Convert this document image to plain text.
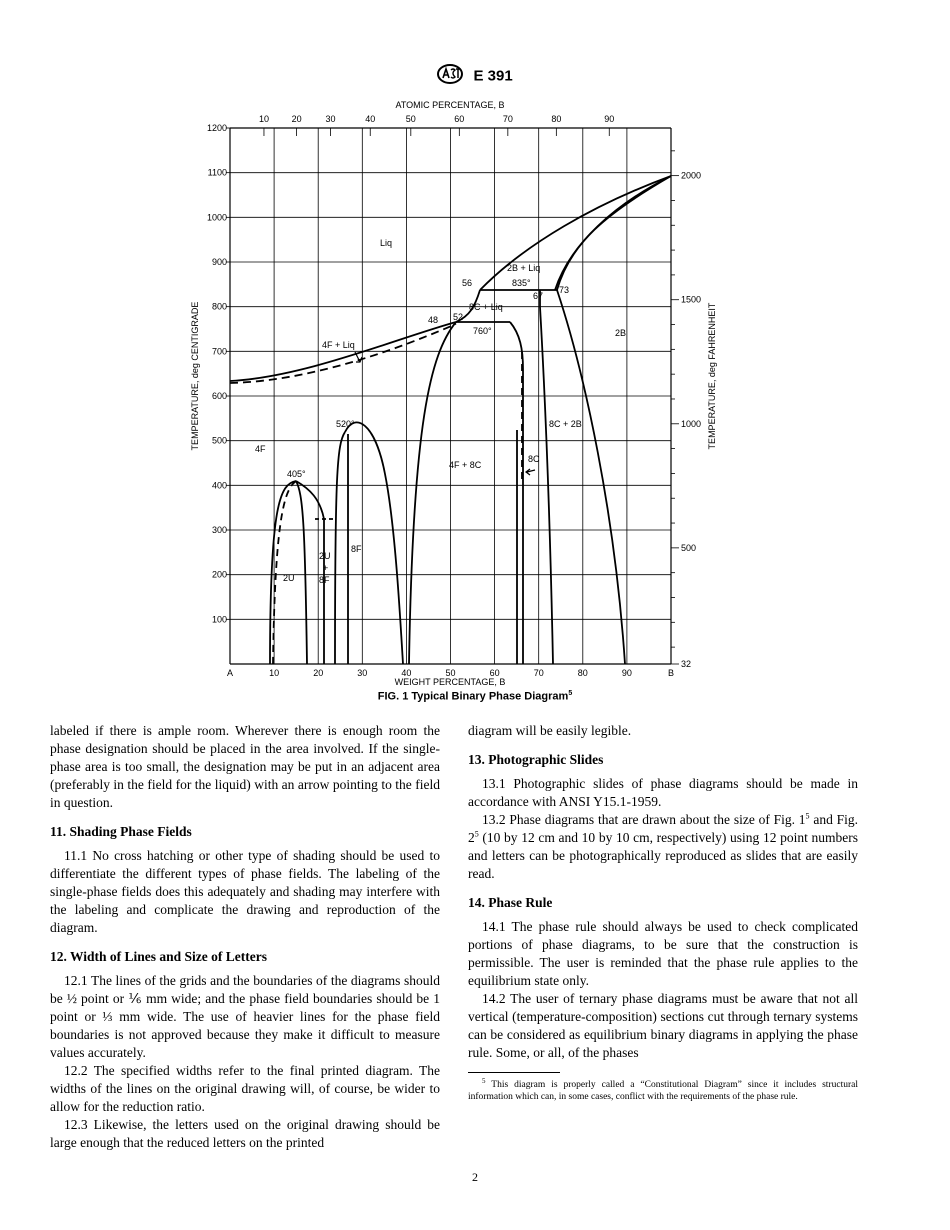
E 391
A	10	20	30	40	50	60	70	80	90	B
1200
1100
1000
900
800
700
600
500
400
300
200
100
10	20	30	40	50	60	70	80	90
2000
1500
1000
500
32
Liq
2B + Liq
835°
56
67
73
8C + Liq
48 52
760°
4F + Liq
2B
520°
4F
405°
8C + 2B
4F + 8C
8C
8F
2U
+
8F
2U
ATOMIC PERCENTAGE, B
WEIGHT PERCENTAGE, B
TEMPERATURE, deg CENTIGRADE	TEMPERATURE, deg FAHRENHEIT
FIG. 1 Typical Binary Phase Diagram$^5$

labeled if there is ample room. Wherever there is enough room the phase designation should be placed in the area involved. If the single-phase area is too small, the designation may be put in an adjacent area (preferably in the field for the liquid) with an arrow pointing to the field in question.

11. Shading Phase Fields

11.1 No cross hatching or other type of shading should be used to differentiate the different types of phase fields. The labeling of the single-phase fields does this adequately and shading may interfere with the labeling and complicate the drawing and reproduction of the diagram.

12. Width of Lines and Size of Letters

12.1 The lines of the grids and the boundaries of the diagrams should be ½ point or ⅙ mm wide; and the phase field boundaries should be 1 point or ⅓ mm wide. The use of heavier lines for the phase field boundaries is not approved because they make it difficult to measure values accurately.

12.2 The specified widths refer to the final printed diagram. The widths of the lines on the original drawing will, of course, be wider to allow for the reduction ratio.

12.3 Likewise, the letters used on the original drawing should be large enough that the reduced letters on the printed

diagram will be easily legible.

13. Photographic Slides

13.1 Photographic slides of phase diagrams should be made in accordance with ANSI Y15.1-1959.

13.2 Phase diagrams that are drawn about the size of Fig. $1^5$ and Fig. $2^5$ (10 by 12 cm and 10 by 10 cm, respectively) using 12 point numbers and letters can be photographically reproduced as slides that are easily read.

14. Phase Rule

14.1 The phase rule should always be used to check complicated portions of phase diagrams, to be sure that the construction is permissible. The user is reminded that the phase rule applies to the equilibrium state only.

14.2 The user of ternary phase diagrams must be aware that not all vertical (temperature-composition) sections cut through ternary systems can be considered as equilibrium binary diagrams in applying the phase rule. Some, or all, of the phases

$^5$ This diagram is properly called a “Constitutional Diagram” since it includes structural information which can, in some cases, conflict with the requirements of the phase rule.
2
